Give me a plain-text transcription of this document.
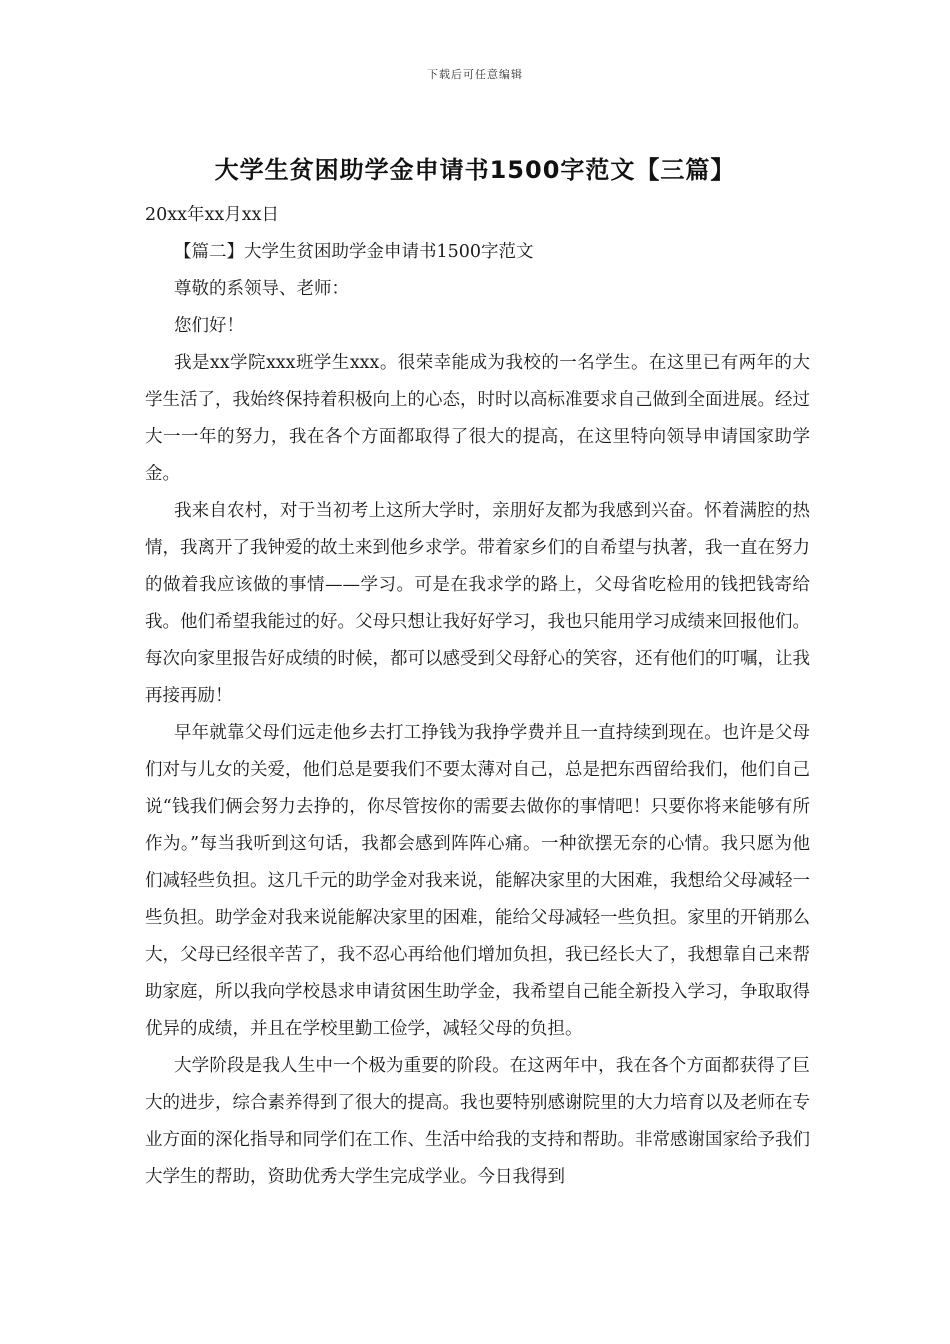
下载后可任意编辑
大学生贫困助学金申请书1500字范文【三篇】

20xx年xx月xx日

【篇二】大学生贫困助学金申请书1500字范文

尊敬的系领导、老师：

您们好！

我是xx学院xxx班学生xxx。很荣幸能成为我校的一名学生。在这里已有两年的大学生活了，我始终保持着积极向上的心态，时时以高标准要求自己做到全面进展。经过大一一年的努力，我在各个方面都取得了很大的提高，在这里特向领导申请国家助学金。

我来自农村，对于当初考上这所大学时，亲朋好友都为我感到兴奋。怀着满腔的热情，我离开了我钟爱的故土来到他乡求学。带着家乡们的自希望与执著，我一直在努力的做着我应该做的事情——学习。可是在我求学的路上，父母省吃检用的钱把钱寄给我。他们希望我能过的好。父母只想让我好好学习，我也只能用学习成绩来回报他们。每次向家里报告好成绩的时候，都可以感受到父母舒心的笑容，还有他们的叮嘱，让我再接再励！

早年就靠父母们远走他乡去打工挣钱为我挣学费并且一直持续到现在。也许是父母们对与儿女的关爱，他们总是要我们不要太薄对自己，总是把东西留给我们，他们自己说“钱我们俩会努力去挣的，你尽管按你的需要去做你的事情吧！只要你将来能够有所作为。”每当我听到这句话，我都会感到阵阵心痛。一种欲摆无奈的心情。我只愿为他们减轻些负担。这几千元的助学金对我来说，能解决家里的大困难，我想给父母减轻一些负担。助学金对我来说能解决家里的困难，能给父母减轻一些负担。家里的开销那么大，父母已经很辛苦了，我不忍心再给他们增加负担，我已经长大了，我想靠自己来帮助家庭，所以我向学校恳求申请贫困生助学金，我希望自己能全新投入学习，争取取得优异的成绩，并且在学校里勤工俭学，减轻父母的负担。

大学阶段是我人生中一个极为重要的阶段。在这两年中，我在各个方面都获得了巨大的进步，综合素养得到了很大的提高。我也要特别感谢院里的大力培育以及老师在专业方面的深化指导和同学们在工作、生活中给我的支持和帮助。非常感谢国家给予我们大学生的帮助，资助优秀大学生完成学业。今日我得到
